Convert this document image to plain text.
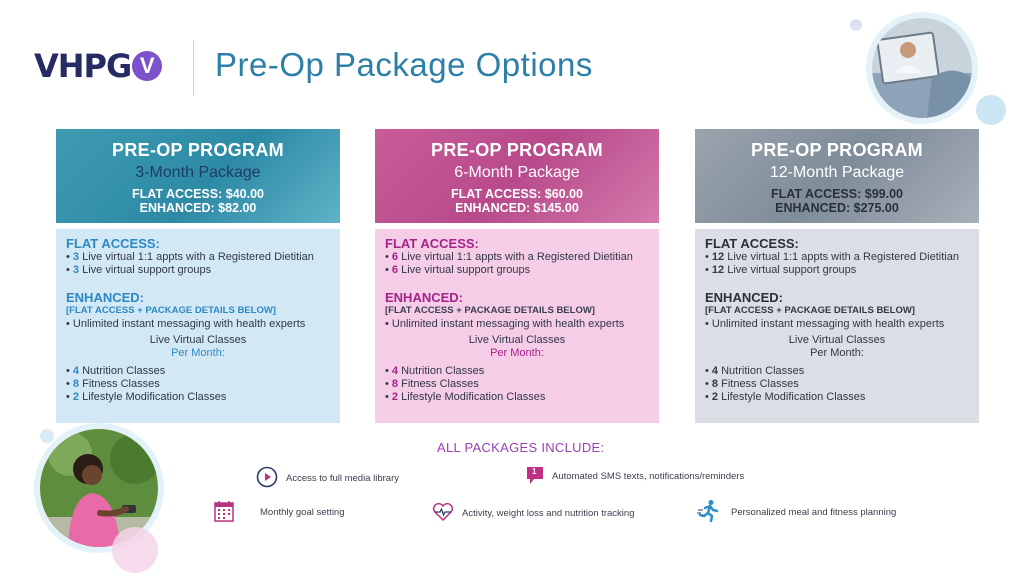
VHPG V Pre-Op Package Options
PRE-OP PROGRAM
3-Month Package
FLAT ACCESS: $40.00
ENHANCED: $82.00
FLAT ACCESS:
• 3 Live virtual 1:1 appts with a Registered Dietitian
• 3 Live virtual support groups
ENHANCED:
[FLAT ACCESS + PACKAGE DETAILS BELOW]
• Unlimited instant messaging with health experts
Live Virtual Classes
Per Month:
• 4 Nutrition Classes
• 8 Fitness Classes
• 2 Lifestyle Modification Classes
PRE-OP PROGRAM
6-Month Package
FLAT ACCESS: $60.00
ENHANCED: $145.00
FLAT ACCESS:
• 6 Live virtual 1:1 appts with a Registered Dietitian
• 6 Live virtual support groups
ENHANCED:
[FLAT ACCESS + PACKAGE DETAILS BELOW]
• Unlimited instant messaging with health experts
Live Virtual Classes
Per Month:
• 4 Nutrition Classes
• 8 Fitness Classes
• 2 Lifestyle Modification Classes
PRE-OP PROGRAM
12-Month Package
FLAT ACCESS: $99.00
ENHANCED: $275.00
FLAT ACCESS:
• 12 Live virtual 1:1 appts with a Registered Dietitian
• 12 Live virtual support groups
ENHANCED:
[FLAT ACCESS + PACKAGE DETAILS BELOW]
• Unlimited instant messaging with health experts
Live Virtual Classes
Per Month:
• 4 Nutrition Classes
• 8 Fitness Classes
• 2 Lifestyle Modification Classes
ALL PACKAGES INCLUDE:
Access to full media library
1 Automated SMS texts, notifications/reminders
Monthly goal setting	Activity, weight loss and nutrition tracking	Personalized meal and fitness planning
